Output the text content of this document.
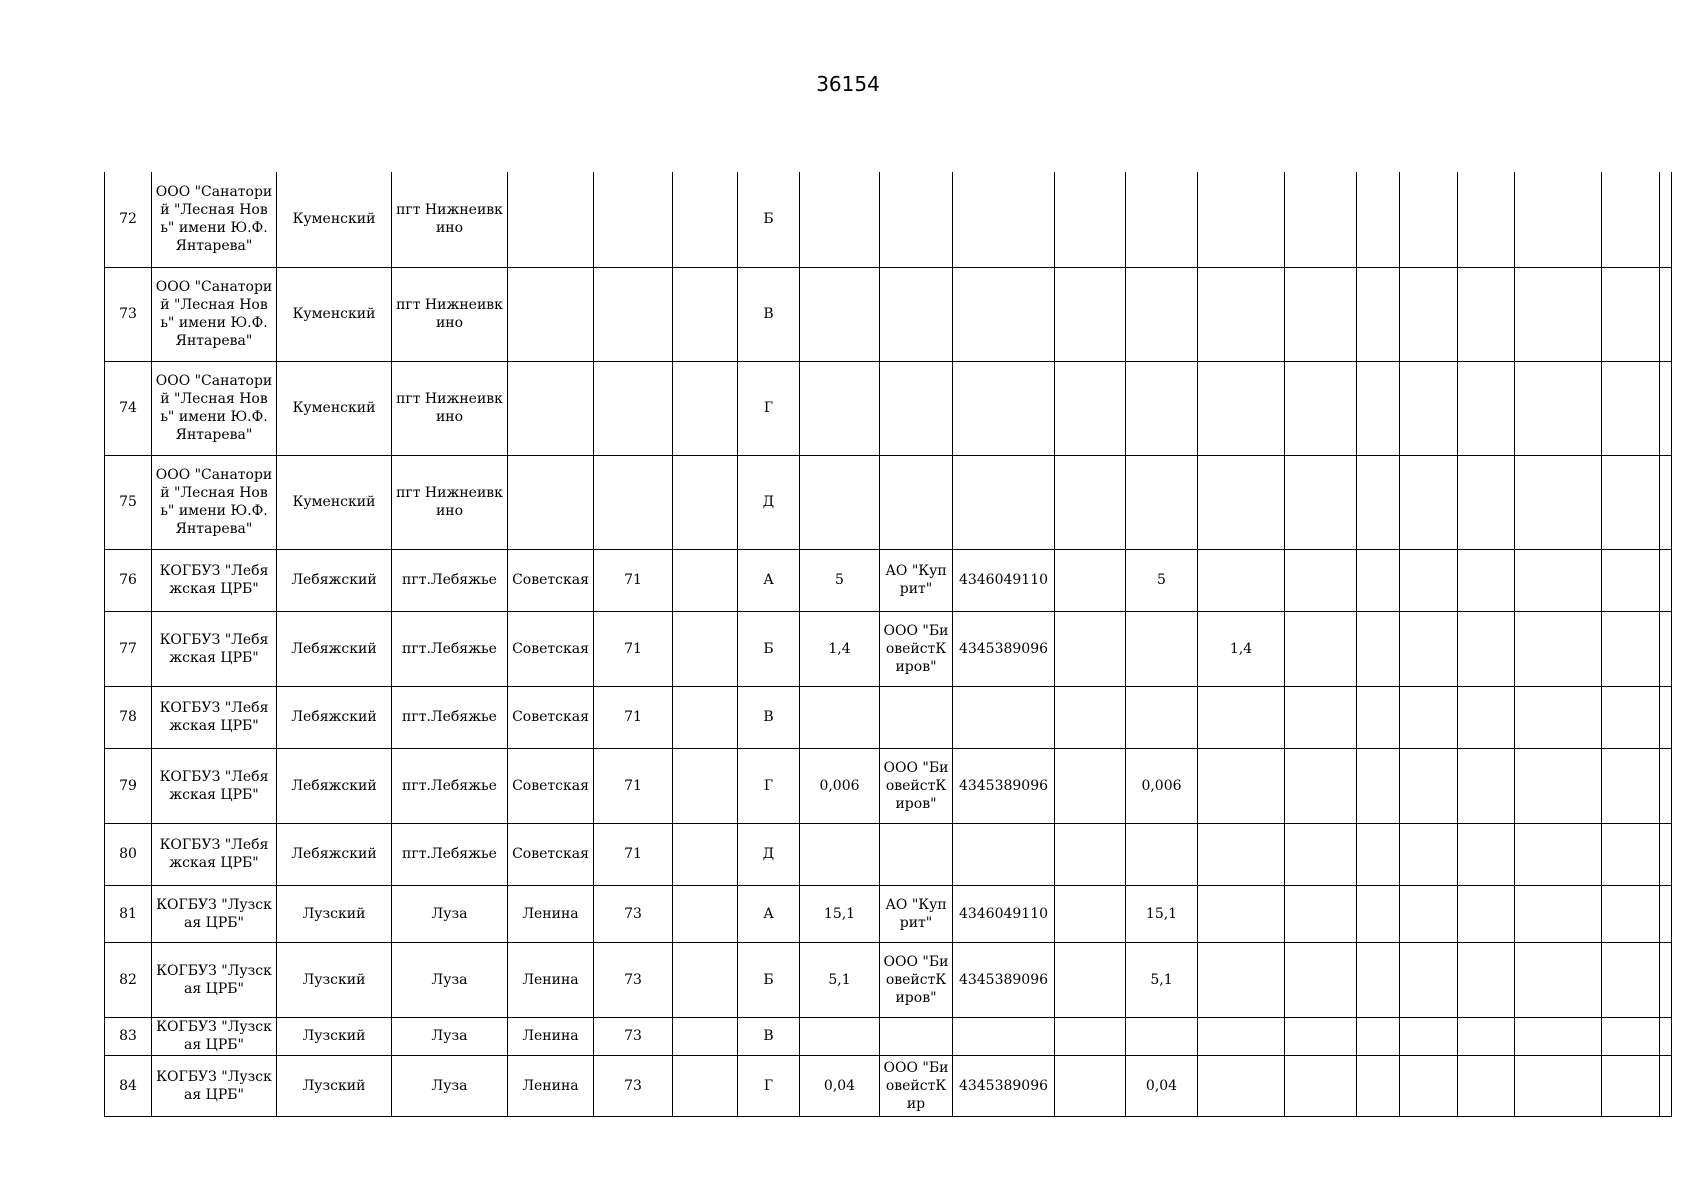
36154
72	ООО "Санаторий "Лесная Новь" имени Ю.Ф. Янтарева"	Куменский	пгт Нижнеивкино				Б													
73	ООО "Санаторий "Лесная Новь" имени Ю.Ф. Янтарева"	Куменский	пгт Нижнеивкино				В													
74	ООО "Санаторий "Лесная Новь" имени Ю.Ф. Янтарева"	Куменский	пгт Нижнеивкино				Г													
75	ООО "Санаторий "Лесная Новь" имени Ю.Ф. Янтарева"	Куменский	пгт Нижнеивкино				Д													
76	КОГБУЗ "Лебяжская ЦРБ"	Лебяжский	пгт.Лебяжье	Советская	71		А	5	АО "Куприт"	4346049110		5								
77	КОГБУЗ "Лебяжская ЦРБ"	Лебяжский	пгт.Лебяжье	Советская	71		Б	1,4	ООО "БиовейстКиров"	4345389096			1,4							
78	КОГБУЗ "Лебяжская ЦРБ"	Лебяжский	пгт.Лебяжье	Советская	71		В													
79	КОГБУЗ "Лебяжская ЦРБ"	Лебяжский	пгт.Лебяжье	Советская	71		Г	0,006	ООО "БиовейстКиров"	4345389096		0,006								
80	КОГБУЗ "Лебяжская ЦРБ"	Лебяжский	пгт.Лебяжье	Советская	71		Д													
81	КОГБУЗ "Лузская ЦРБ"	Лузский	Луза	Ленина	73		А	15,1	АО "Куприт"	4346049110		15,1								
82	КОГБУЗ "Лузская ЦРБ"	Лузский	Луза	Ленина	73		Б	5,1	ООО "БиовейстКиров"	4345389096		5,1								
83	КОГБУЗ "Лузская ЦРБ"	Лузский	Луза	Ленина	73		В													
84	КОГБУЗ "Лузская ЦРБ"	Лузский	Луза	Ленина	73		Г	0,04	ООО "БиовейстКир	4345389096		0,04								
